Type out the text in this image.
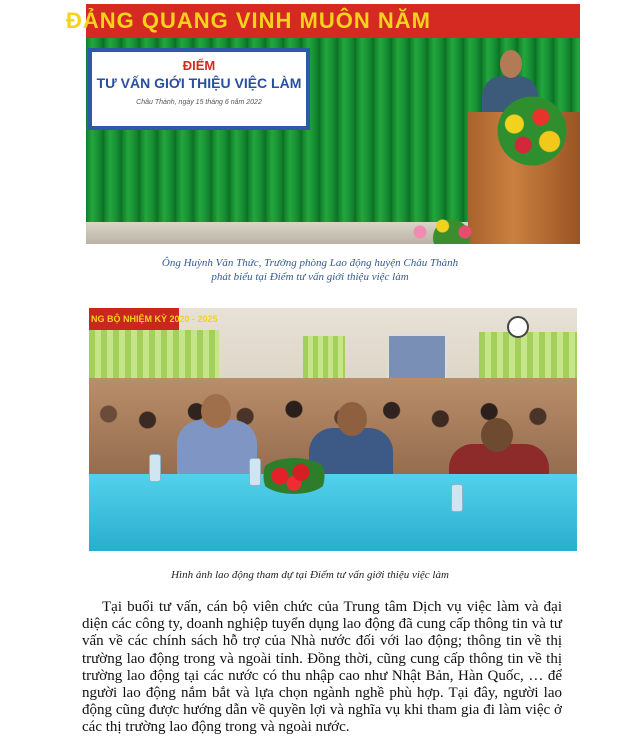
ĐẢNG QUANG VINH MUÔN NĂM
ĐIỂM
TƯ VẤN GIỚI THIỆU VIỆC LÀM
Châu Thành, ngày 15 tháng 6 năm 2022
Ông Huỳnh Văn Thức, Trưởng phòng Lao động huyện Châu Thành
phát biểu tại Điểm tư vấn giới thiệu việc làm
NG BỘ NHIỆM KỲ 2020 - 2025
Hình ảnh lao động tham dự tại Điểm tư vấn giới thiệu việc làm

Tại buổi tư vấn, cán bộ viên chức của Trung tâm Dịch vụ việc làm và đại diện các công ty, doanh nghiệp tuyển dụng lao động đã cung cấp thông tin và tư vấn về các chính sách hỗ trợ của Nhà nước đối với lao động; thông tin về thị trường lao động trong và ngoài tỉnh. Đồng thời, cũng cung cấp thông tin về thị trường lao động tại các nước có thu nhập cao như Nhật Bản, Hàn Quốc, … để người lao động nắm bắt và lựa chọn ngành nghề phù hợp. Tại đây, người lao động cũng được hướng dẫn về quyền lợi và nghĩa vụ khi tham gia đi làm việc ở các thị trường lao động trong và ngoài nước.
